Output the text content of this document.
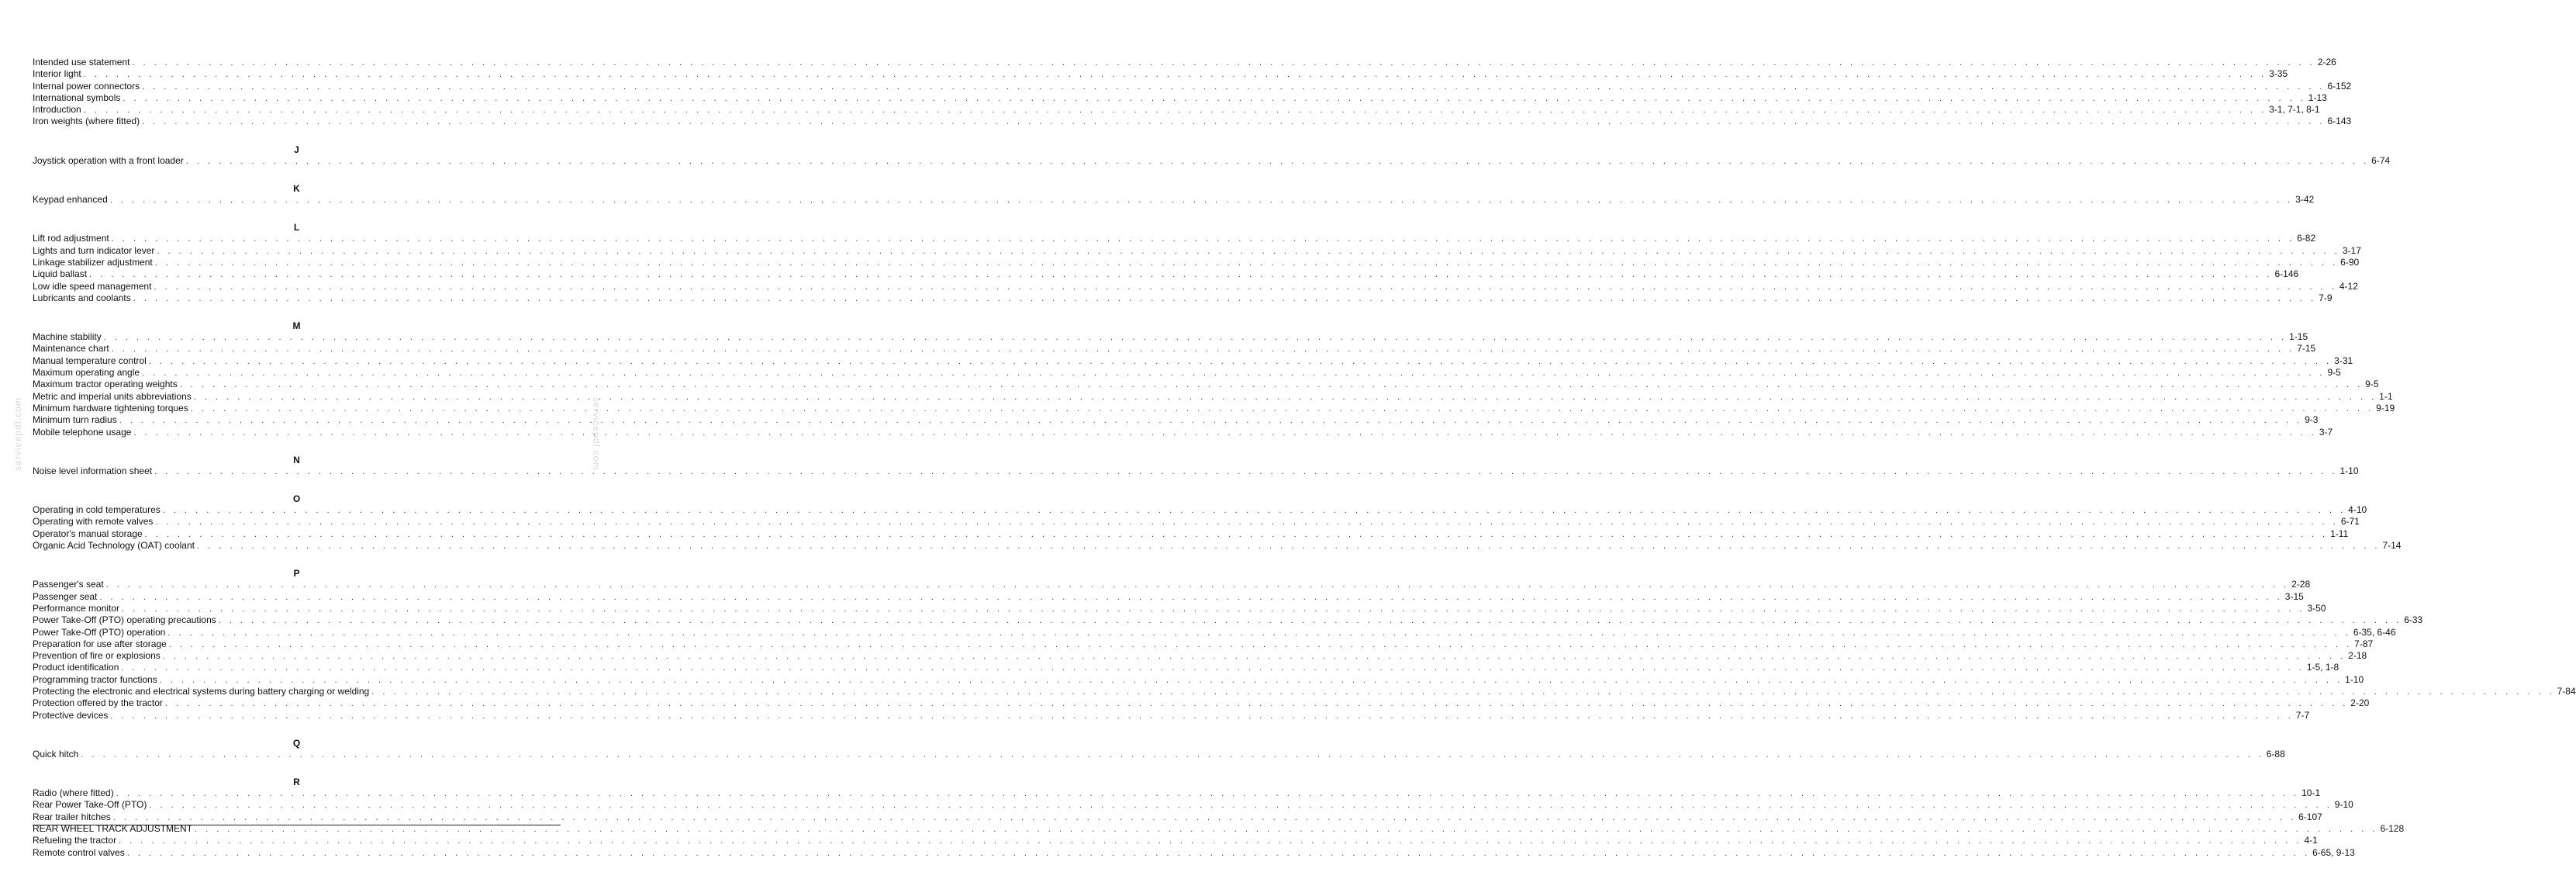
Intended use statement . . . . . . . . . . . . . . . . . . . . . . . . . . . . . . . . . . . . . . . . . . . . . . . . . . . . . . . . . . . . . . . . . . . . . . . . . . . . . . . . . . . . . . . . . . . . . . . . . . . . . . . . . . . . . . . . . . . . . . . . . . . . . . . . . . . . . . . . . . . . . . . . . . . . . . . . . . . . . . . . . . . . . . . . . . . . . . . . . . . . . . . . . . . . . . . . . . . . . . . . 2-26
Interior light . . . . . . . . . . . . . . . . . . . . . . . . . . . . . . . . . . . . . . . . . . . . . . . . . . . . . . . . . . . . . . . . . . . . . . . . . . . . . . . . . . . . . . . . . . . . . . . . . . . . . . . . . . . . . . . . . . . . . . . . . . . . . . . . . . . . . . . . . . . . . . . . . . . . . . . . . . . . . . . . . . . . . . . . . . . . . . . . . . . . . . . . . . . . . . . . . . . . . . . . 3-35
Internal power connectors . . . . . . . . . . . . . . . . . . . . . . . . . . . . . . . . . . . . . . . . . . . . . . . . . . . . . . . . . . . . . . . . . . . . . . . . . . . . . . . . . . . . . . . . . . . . . . . . . . . . . . . . . . . . . . . . . . . . . . . . . . . . . . . . . . . . . . . . . . . . . . . . . . . . . . . . . . . . . . . . . . . . . . . . . . . . . . . . . . . . . . . . . . . . . . . . . . . . . . . . 6-152
International symbols . . . . . . . . . . . . . . . . . . . . . . . . . . . . . . . . . . . . . . . . . . . . . . . . . . . . . . . . . . . . . . . . . . . . . . . . . . . . . . . . . . . . . . . . . . . . . . . . . . . . . . . . . . . . . . . . . . . . . . . . . . . . . . . . . . . . . . . . . . . . . . . . . . . . . . . . . . . . . . . . . . . . . . . . . . . . . . . . . . . . . . . . . . . . . . . . . . . . . . . . 1-13
Introduction . . . . . . . . . . . . . . . . . . . . . . . . . . . . . . . . . . . . . . . . . . . . . . . . . . . . . . . . . . . . . . . . . . . . . . . . . . . . . . . . . . . . . . . . . . . . . . . . . . . . . . . . . . . . . . . . . . . . . . . . . . . . . . . . . . . . . . . . . . . . . . . . . . . . . . . . . . . . . . . . . . . . . . . . . . . . . . . . . . . . . . . . . . . . . . . . . . . . . . . . 3-1, 7-1, 8-1
Iron weights (where fitted) . . . . . . . . . . . . . . . . . . . . . . . . . . . . . . . . . . . . . . . . . . . . . . . . . . . . . . . . . . . . . . . . . . . . . . . . . . . . . . . . . . . . . . . . . . . . . . . . . . . . . . . . . . . . . . . . . . . . . . . . . . . . . . . . . . . . . . . . . . . . . . . . . . . . . . . . . . . . . . . . . . . . . . . . . . . . . . . . . . . . . . . . . . . . . . . . . . . . . . . . 6-143
J
Joystick operation with a front loader . . . . . . . . . . . . . . . . . . . . . . . . . . . . . . . . . . . . . . . . . . . . . . . . . . . . . . . . . . . . . . . . . . . . . . . . . . . . . . . . . . . . . . . . . . . . . . . . . . . . . . . . . . . . . . . . . . . . . . . . . . . . . . . . . . . . . . . . . . . . . . . . . . . . . . . . . . . . . . . . . . . . . . . . . . . . . . . . . . . . . . . . . . . . . . . . . . . . . . . . 6-74
K
Keypad enhanced . . . . . . . . . . . . . . . . . . . . . . . . . . . . . . . . . . . . . . . . . . . . . . . . . . . . . . . . . . . . . . . . . . . . . . . . . . . . . . . . . . . . . . . . . . . . . . . . . . . . . . . . . . . . . . . . . . . . . . . . . . . . . . . . . . . . . . . . . . . . . . . . . . . . . . . . . . . . . . . . . . . . . . . . . . . . . . . . . . . . . . . . . . . . . . . . . . . . . . . . 3-42
L
Lift rod adjustment . . . . . . . . . . . . . . . . . . . . . . . . . . . . . . . . . . . . . . . . . . . . . . . . . . . . . . . . . . . . . . . . . . . . . . . . . . . . . . . . . . . . . . . . . . . . . . . . . . . . . . . . . . . . . . . . . . . . . . . . . . . . . . . . . . . . . . . . . . . . . . . . . . . . . . . . . . . . . . . . . . . . . . . . . . . . . . . . . . . . . . . . . . . . . . . . . . . . . . . . 6-82
Lights and turn indicator lever . . . . . . . . . . . . . . . . . . . . . . . . . . . . . . . . . . . . . . . . . . . . . . . . . . . . . . . . . . . . . . . . . . . . . . . . . . . . . . . . . . . . . . . . . . . . . . . . . . . . . . . . . . . . . . . . . . . . . . . . . . . . . . . . . . . . . . . . . . . . . . . . . . . . . . . . . . . . . . . . . . . . . . . . . . . . . . . . . . . . . . . . . . . . . . . . . . . . . . . . 3-17
Linkage stabilizer adjustment . . . . . . . . . . . . . . . . . . . . . . . . . . . . . . . . . . . . . . . . . . . . . . . . . . . . . . . . . . . . . . . . . . . . . . . . . . . . . . . . . . . . . . . . . . . . . . . . . . . . . . . . . . . . . . . . . . . . . . . . . . . . . . . . . . . . . . . . . . . . . . . . . . . . . . . . . . . . . . . . . . . . . . . . . . . . . . . . . . . . . . . . . . . . . . . . . . . . . . . . 6-90
Liquid ballast . . . . . . . . . . . . . . . . . . . . . . . . . . . . . . . . . . . . . . . . . . . . . . . . . . . . . . . . . . . . . . . . . . . . . . . . . . . . . . . . . . . . . . . . . . . . . . . . . . . . . . . . . . . . . . . . . . . . . . . . . . . . . . . . . . . . . . . . . . . . . . . . . . . . . . . . . . . . . . . . . . . . . . . . . . . . . . . . . . . . . . . . . . . . . . . . . . . . . . . . 6-146
Low idle speed management . . . . . . . . . . . . . . . . . . . . . . . . . . . . . . . . . . . . . . . . . . . . . . . . . . . . . . . . . . . . . . . . . . . . . . . . . . . . . . . . . . . . . . . . . . . . . . . . . . . . . . . . . . . . . . . . . . . . . . . . . . . . . . . . . . . . . . . . . . . . . . . . . . . . . . . . . . . . . . . . . . . . . . . . . . . . . . . . . . . . . . . . . . . . . . . . . . . . . . . . 4-12
Lubricants and coolants . . . . . . . . . . . . . . . . . . . . . . . . . . . . . . . . . . . . . . . . . . . . . . . . . . . . . . . . . . . . . . . . . . . . . . . . . . . . . . . . . . . . . . . . . . . . . . . . . . . . . . . . . . . . . . . . . . . . . . . . . . . . . . . . . . . . . . . . . . . . . . . . . . . . . . . . . . . . . . . . . . . . . . . . . . . . . . . . . . . . . . . . . . . . . . . . . . . . . . . . 7-9
M
Machine stability . . . . . . . . . . . . . . . . . . . . . . . . . . . . . . . . . . . . . . . . . . . . . . . . . . . . . . . . . . . . . . . . . . . . . . . . . . . . . . . . . . . . . . . . . . . . . . . . . . . . . . . . . . . . . . . . . . . . . . . . . . . . . . . . . . . . . . . . . . . . . . . . . . . . . . . . . . . . . . . . . . . . . . . . . . . . . . . . . . . . . . . . . . . . . . . . . . . . . . . . 1-15
Maintenance chart . . . . . . . . . . . . . . . . . . . . . . . . . . . . . . . . . . . . . . . . . . . . . . . . . . . . . . . . . . . . . . . . . . . . . . . . . . . . . . . . . . . . . . . . . . . . . . . . . . . . . . . . . . . . . . . . . . . . . . . . . . . . . . . . . . . . . . . . . . . . . . . . . . . . . . . . . . . . . . . . . . . . . . . . . . . . . . . . . . . . . . . . . . . . . . . . . . . . . . . . 7-15
Manual temperature control . . . . . . . . . . . . . . . . . . . . . . . . . . . . . . . . . . . . . . . . . . . . . . . . . . . . . . . . . . . . . . . . . . . . . . . . . . . . . . . . . . . . . . . . . . . . . . . . . . . . . . . . . . . . . . . . . . . . . . . . . . . . . . . . . . . . . . . . . . . . . . . . . . . . . . . . . . . . . . . . . . . . . . . . . . . . . . . . . . . . . . . . . . . . . . . . . . . . . . . . 3-31
Maximum operating angle . . . . . . . . . . . . . . . . . . . . . . . . . . . . . . . . . . . . . . . . . . . . . . . . . . . . . . . . . . . . . . . . . . . . . . . . . . . . . . . . . . . . . . . . . . . . . . . . . . . . . . . . . . . . . . . . . . . . . . . . . . . . . . . . . . . . . . . . . . . . . . . . . . . . . . . . . . . . . . . . . . . . . . . . . . . . . . . . . . . . . . . . . . . . . . . . . . . . . . . . 9-5
Maximum tractor operating weights . . . . . . . . . . . . . . . . . . . . . . . . . . . . . . . . . . . . . . . . . . . . . . . . . . . . . . . . . . . . . . . . . . . . . . . . . . . . . . . . . . . . . . . . . . . . . . . . . . . . . . . . . . . . . . . . . . . . . . . . . . . . . . . . . . . . . . . . . . . . . . . . . . . . . . . . . . . . . . . . . . . . . . . . . . . . . . . . . . . . . . . . . . . . . . . . . . . . . . . . 9-5
Metric and imperial units abbreviations . . . . . . . . . . . . . . . . . . . . . . . . . . . . . . . . . . . . . . . . . . . . . . . . . . . . . . . . . . . . . . . . . . . . . . . . . . . . . . . . . . . . . . . . . . . . . . . . . . . . . . . . . . . . . . . . . . . . . . . . . . . . . . . . . . . . . . . . . . . . . . . . . . . . . . . . . . . . . . . . . . . . . . . . . . . . . . . . . . . . . . . . . . . . . . . . . . . . . . . . 1-1
Minimum hardware tightening torques . . . . . . . . . . . . . . . . . . . . . . . . . . . . . . . . . . . . . . . . . . . . . . . . . . . . . . . . . . . . . . . . . . . . . . . . . . . . . . . . . . . . . . . . . . . . . . . . . . . . . . . . . . . . . . . . . . . . . . . . . . . . . . . . . . . . . . . . . . . . . . . . . . . . . . . . . . . . . . . . . . . . . . . . . . . . . . . . . . . . . . . . . . . . . . . . . . . . . . . . 9-19
Minimum turn radius . . . . . . . . . . . . . . . . . . . . . . . . . . . . . . . . . . . . . . . . . . . . . . . . . . . . . . . . . . . . . . . . . . . . . . . . . . . . . . . . . . . . . . . . . . . . . . . . . . . . . . . . . . . . . . . . . . . . . . . . . . . . . . . . . . . . . . . . . . . . . . . . . . . . . . . . . . . . . . . . . . . . . . . . . . . . . . . . . . . . . . . . . . . . . . . . . . . . . . . . 9-3
Mobile telephone usage . . . . . . . . . . . . . . . . . . . . . . . . . . . . . . . . . . . . . . . . . . . . . . . . . . . . . . . . . . . . . . . . . . . . . . . . . . . . . . . . . . . . . . . . . . . . . . . . . . . . . . . . . . . . . . . . . . . . . . . . . . . . . . . . . . . . . . . . . . . . . . . . . . . . . . . . . . . . . . . . . . . . . . . . . . . . . . . . . . . . . . . . . . . . . . . . . . . . . . . . 3-7
N
Noise level information sheet . . . . . . . . . . . . . . . . . . . . . . . . . . . . . . . . . . . . . . . . . . . . . . . . . . . . . . . . . . . . . . . . . . . . . . . . . . . . . . . . . . . . . . . . . . . . . . . . . . . . . . . . . . . . . . . . . . . . . . . . . . . . . . . . . . . . . . . . . . . . . . . . . . . . . . . . . . . . . . . . . . . . . . . . . . . . . . . . . . . . . . . . . . . . . . . . . . . . . . . . 1-10
O
Operating in cold temperatures . . . . . . . . . . . . . . . . . . . . . . . . . . . . . . . . . . . . . . . . . . . . . . . . . . . . . . . . . . . . . . . . . . . . . . . . . . . . . . . . . . . . . . . . . . . . . . . . . . . . . . . . . . . . . . . . . . . . . . . . . . . . . . . . . . . . . . . . . . . . . . . . . . . . . . . . . . . . . . . . . . . . . . . . . . . . . . . . . . . . . . . . . . . . . . . . . . . . . . . . 4-10
Operating with remote valves . . . . . . . . . . . . . . . . . . . . . . . . . . . . . . . . . . . . . . . . . . . . . . . . . . . . . . . . . . . . . . . . . . . . . . . . . . . . . . . . . . . . . . . . . . . . . . . . . . . . . . . . . . . . . . . . . . . . . . . . . . . . . . . . . . . . . . . . . . . . . . . . . . . . . . . . . . . . . . . . . . . . . . . . . . . . . . . . . . . . . . . . . . . . . . . . . . . . . . . . 6-71
Operator's manual storage . . . . . . . . . . . . . . . . . . . . . . . . . . . . . . . . . . . . . . . . . . . . . . . . . . . . . . . . . . . . . . . . . . . . . . . . . . . . . . . . . . . . . . . . . . . . . . . . . . . . . . . . . . . . . . . . . . . . . . . . . . . . . . . . . . . . . . . . . . . . . . . . . . . . . . . . . . . . . . . . . . . . . . . . . . . . . . . . . . . . . . . . . . . . . . . . . . . . . . . . 1-11
Organic Acid Technology (OAT) coolant . . . . . . . . . . . . . . . . . . . . . . . . . . . . . . . . . . . . . . . . . . . . . . . . . . . . . . . . . . . . . . . . . . . . . . . . . . . . . . . . . . . . . . . . . . . . . . . . . . . . . . . . . . . . . . . . . . . . . . . . . . . . . . . . . . . . . . . . . . . . . . . . . . . . . . . . . . . . . . . . . . . . . . . . . . . . . . . . . . . . . . . . . . . . . . . . . . . . . . . . 7-14
P
Passenger's seat . . . . . . . . . . . . . . . . . . . . . . . . . . . . . . . . . . . . . . . . . . . . . . . . . . . . . . . . . . . . . . . . . . . . . . . . . . . . . . . . . . . . . . . . . . . . . . . . . . . . . . . . . . . . . . . . . . . . . . . . . . . . . . . . . . . . . . . . . . . . . . . . . . . . . . . . . . . . . . . . . . . . . . . . . . . . . . . . . . . . . . . . . . . . . . . . . . . . . . . . 2-28
Passenger seat . . . . . . . . . . . . . . . . . . . . . . . . . . . . . . . . . . . . . . . . . . . . . . . . . . . . . . . . . . . . . . . . . . . . . . . . . . . . . . . . . . . . . . . . . . . . . . . . . . . . . . . . . . . . . . . . . . . . . . . . . . . . . . . . . . . . . . . . . . . . . . . . . . . . . . . . . . . . . . . . . . . . . . . . . . . . . . . . . . . . . . . . . . . . . . . . . . . . . . . . 3-15
Performance monitor . . . . . . . . . . . . . . . . . . . . . . . . . . . . . . . . . . . . . . . . . . . . . . . . . . . . . . . . . . . . . . . . . . . . . . . . . . . . . . . . . . . . . . . . . . . . . . . . . . . . . . . . . . . . . . . . . . . . . . . . . . . . . . . . . . . . . . . . . . . . . . . . . . . . . . . . . . . . . . . . . . . . . . . . . . . . . . . . . . . . . . . . . . . . . . . . . . . . . . . . 3-50
Power Take-Off (PTO) operating precautions . . . . . . . . . . . . . . . . . . . . . . . . . . . . . . . . . . . . . . . . . . . . . . . . . . . . . . . . . . . . . . . . . . . . . . . . . . . . . . . . . . . . . . . . . . . . . . . . . . . . . . . . . . . . . . . . . . . . . . . . . . . . . . . . . . . . . . . . . . . . . . . . . . . . . . . . . . . . . . . . . . . . . . . . . . . . . . . . . . . . . . . . . . . . . . . . . . . . . . . . 6-33
Power Take-Off (PTO) operation . . . . . . . . . . . . . . . . . . . . . . . . . . . . . . . . . . . . . . . . . . . . . . . . . . . . . . . . . . . . . . . . . . . . . . . . . . . . . . . . . . . . . . . . . . . . . . . . . . . . . . . . . . . . . . . . . . . . . . . . . . . . . . . . . . . . . . . . . . . . . . . . . . . . . . . . . . . . . . . . . . . . . . . . . . . . . . . . . . . . . . . . . . . . . . . . . . . . . . . . 6-35, 6-46
Preparation for use after storage . . . . . . . . . . . . . . . . . . . . . . . . . . . . . . . . . . . . . . . . . . . . . . . . . . . . . . . . . . . . . . . . . . . . . . . . . . . . . . . . . . . . . . . . . . . . . . . . . . . . . . . . . . . . . . . . . . . . . . . . . . . . . . . . . . . . . . . . . . . . . . . . . . . . . . . . . . . . . . . . . . . . . . . . . . . . . . . . . . . . . . . . . . . . . . . . . . . . . . . . 7-87
Prevention of fire or explosions . . . . . . . . . . . . . . . . . . . . . . . . . . . . . . . . . . . . . . . . . . . . . . . . . . . . . . . . . . . . . . . . . . . . . . . . . . . . . . . . . . . . . . . . . . . . . . . . . . . . . . . . . . . . . . . . . . . . . . . . . . . . . . . . . . . . . . . . . . . . . . . . . . . . . . . . . . . . . . . . . . . . . . . . . . . . . . . . . . . . . . . . . . . . . . . . . . . . . . . . 2-18
Product identification . . . . . . . . . . . . . . . . . . . . . . . . . . . . . . . . . . . . . . . . . . . . . . . . . . . . . . . . . . . . . . . . . . . . . . . . . . . . . . . . . . . . . . . . . . . . . . . . . . . . . . . . . . . . . . . . . . . . . . . . . . . . . . . . . . . . . . . . . . . . . . . . . . . . . . . . . . . . . . . . . . . . . . . . . . . . . . . . . . . . . . . . . . . . . . . . . . . . . . . . 1-5, 1-8
Programming tractor functions . . . . . . . . . . . . . . . . . . . . . . . . . . . . . . . . . . . . . . . . . . . . . . . . . . . . . . . . . . . . . . . . . . . . . . . . . . . . . . . . . . . . . . . . . . . . . . . . . . . . . . . . . . . . . . . . . . . . . . . . . . . . . . . . . . . . . . . . . . . . . . . . . . . . . . . . . . . . . . . . . . . . . . . . . . . . . . . . . . . . . . . . . . . . . . . . . . . . . . . . 1-10
Protecting the electronic and electrical systems during battery charging or welding . . . . . . . . . . . . . . . . . . . . . . . . . . . . . . . . . . . . . . . . . . . . . . . . . . . . . . . . . . . . . . . . . . . . . . . . . . . . . . . . . . . . . . . . . . . . . . . . . . . . . . . . . . . . . . . . . . . . . . . . . . . . . . . . . . . . . . . . . . . . . . . . . . . . . . . . . . . . . . . . . . . . . . . . . . . . . . . . . . . . . . . . . . . . . . . . . . . . . . . . 7-84
Protection offered by the tractor . . . . . . . . . . . . . . . . . . . . . . . . . . . . . . . . . . . . . . . . . . . . . . . . . . . . . . . . . . . . . . . . . . . . . . . . . . . . . . . . . . . . . . . . . . . . . . . . . . . . . . . . . . . . . . . . . . . . . . . . . . . . . . . . . . . . . . . . . . . . . . . . . . . . . . . . . . . . . . . . . . . . . . . . . . . . . . . . . . . . . . . . . . . . . . . . . . . . . . . . 2-20
Protective devices . . . . . . . . . . . . . . . . . . . . . . . . . . . . . . . . . . . . . . . . . . . . . . . . . . . . . . . . . . . . . . . . . . . . . . . . . . . . . . . . . . . . . . . . . . . . . . . . . . . . . . . . . . . . . . . . . . . . . . . . . . . . . . . . . . . . . . . . . . . . . . . . . . . . . . . . . . . . . . . . . . . . . . . . . . . . . . . . . . . . . . . . . . . . . . . . . . . . . . . . 7-7
Q
Quick hitch . . . . . . . . . . . . . . . . . . . . . . . . . . . . . . . . . . . . . . . . . . . . . . . . . . . . . . . . . . . . . . . . . . . . . . . . . . . . . . . . . . . . . . . . . . . . . . . . . . . . . . . . . . . . . . . . . . . . . . . . . . . . . . . . . . . . . . . . . . . . . . . . . . . . . . . . . . . . . . . . . . . . . . . . . . . . . . . . . . . . . . . . . . . . . . . . . . . . . . . . 6-88
R
Radio (where fitted) . . . . . . . . . . . . . . . . . . . . . . . . . . . . . . . . . . . . . . . . . . . . . . . . . . . . . . . . . . . . . . . . . . . . . . . . . . . . . . . . . . . . . . . . . . . . . . . . . . . . . . . . . . . . . . . . . . . . . . . . . . . . . . . . . . . . . . . . . . . . . . . . . . . . . . . . . . . . . . . . . . . . . . . . . . . . . . . . . . . . . . . . . . . . . . . . . . . . . . . . 10-1
Rear Power Take-Off (PTO) . . . . . . . . . . . . . . . . . . . . . . . . . . . . . . . . . . . . . . . . . . . . . . . . . . . . . . . . . . . . . . . . . . . . . . . . . . . . . . . . . . . . . . . . . . . . . . . . . . . . . . . . . . . . . . . . . . . . . . . . . . . . . . . . . . . . . . . . . . . . . . . . . . . . . . . . . . . . . . . . . . . . . . . . . . . . . . . . . . . . . . . . . . . . . . . . . . . . . . . . 9-10
Rear trailer hitches . . . . . . . . . . . . . . . . . . . . . . . . . . . . . . . . . . . . . . . . . . . . . . . . . . . . . . . . . . . . . . . . . . . . . . . . . . . . . . . . . . . . . . . . . . . . . . . . . . . . . . . . . . . . . . . . . . . . . . . . . . . . . . . . . . . . . . . . . . . . . . . . . . . . . . . . . . . . . . . . . . . . . . . . . . . . . . . . . . . . . . . . . . . . . . . . . . . . . . . . 6-107
REAR WHEEL TRACK ADJUSTMENT . . . . . . . . . . . . . . . . . . . . . . . . . . . . . . . . . . . . . . . . . . . . . . . . . . . . . . . . . . . . . . . . . . . . . . . . . . . . . . . . . . . . . . . . . . . . . . . . . . . . . . . . . . . . . . . . . . . . . . . . . . . . . . . . . . . . . . . . . . . . . . . . . . . . . . . . . . . . . . . . . . . . . . . . . . . . . . . . . . . . . . . . . . . . . . . . . . . . . . . . 6-128
Refueling the tractor . . . . . . . . . . . . . . . . . . . . . . . . . . . . . . . . . . . . . . . . . . . . . . . . . . . . . . . . . . . . . . . . . . . . . . . . . . . . . . . . . . . . . . . . . . . . . . . . . . . . . . . . . . . . . . . . . . . . . . . . . . . . . . . . . . . . . . . . . . . . . . . . . . . . . . . . . . . . . . . . . . . . . . . . . . . . . . . . . . . . . . . . . . . . . . . . . . . . . . . . 4-1
Remote control valves . . . . . . . . . . . . . . . . . . . . . . . . . . . . . . . . . . . . . . . . . . . . . . . . . . . . . . . . . . . . . . . . . . . . . . . . . . . . . . . . . . . . . . . . . . . . . . . . . . . . . . . . . . . . . . . . . . . . . . . . . . . . . . . . . . . . . . . . . . . . . . . . . . . . . . . . . . . . . . . . . . . . . . . . . . . . . . . . . . . . . . . . . . . . . . . . . . . . . . . . 6-65, 9-13
servicepdf.com	servicepdf.com
